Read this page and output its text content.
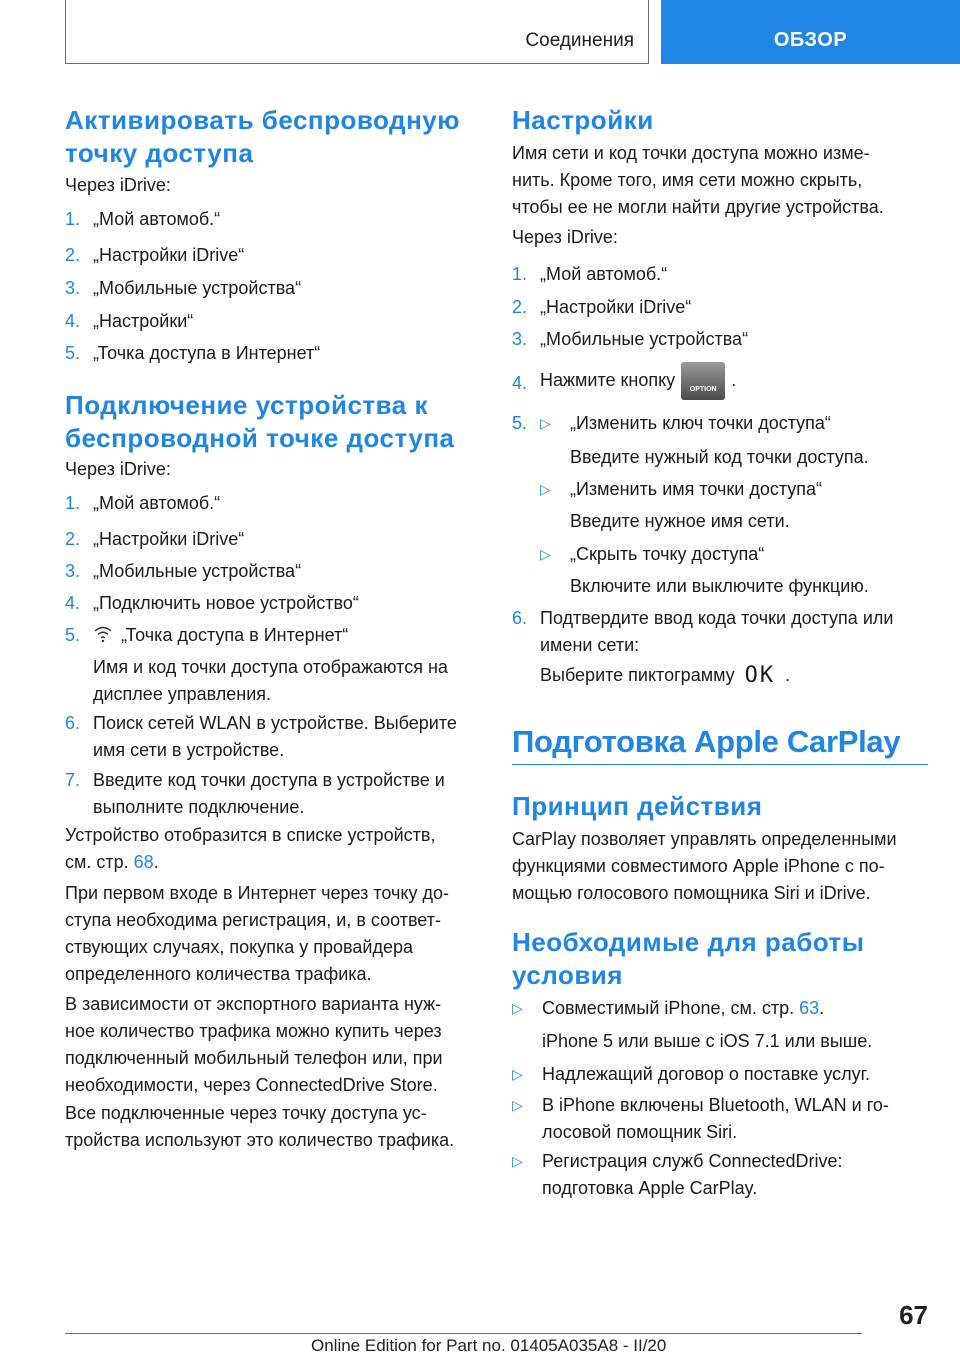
Соединения	ОБЗОР
Активировать беспроводную
точку доступа

Через iDrive:

1. „Мой автомоб.“
2. „Настройки iDrive“
3. „Мобильные устройства“
4. „Настройки“
5. „Точка доступа в Интернет“
Подключение устройства к
беспроводной точке доступа

Через iDrive:

1. „Мой автомоб.“
2. „Настройки iDrive“
3. „Мобильные устройства“
4. „Подключить новое устройство“
5.	„Точка доступа в Интернет“

Имя и код точки доступа отображаются на
дисплее управления.

6. Поиск сетей WLAN в устройстве. Выберите
имя сети в устройстве.
7. Введите код точки доступа в устройстве и
выполните подключение.

Устройство отобразится в списке устройств,
см. стр. 68.

При первом входе в Интернет через точку до-
ступа необходима регистрация, и, в соответ-
ствующих случаях, покупка у провайдера
определенного количества трафика.

В зависимости от экспортного варианта нуж-
ное количество трафика можно купить через
подключенный мобильный телефон или, при
необходимости, через ConnectedDrive Store.

Все подключенные через точку доступа ус-
тройства используют это количество трафика.

Настройки

Имя сети и код точки доступа можно изме-
нить. Кроме того, имя сети можно скрыть,
чтобы ее не могли найти другие устройства.

Через iDrive:

1. „Мой автомоб.“
2. „Настройки iDrive“
3. „Мобильные устройства“
4. Нажмите кнопку	OPTION .
5. ▷	„Изменить ключ точки доступа“

Введите нужный код точки доступа.

▷	„Изменить имя точки доступа“

Введите нужное имя сети.

▷	„Скрыть точку доступа“

Включите или выключите функцию.

6. Подтвердите ввод кода точки доступа или
имени сети:

Выберите пиктограмму OK .

Подготовка Apple CarPlay
Принцип действия

CarPlay позволяет управлять определенными
функциями совместимого Apple iPhone с по-
мощью голосового помощника Siri и iDrive.

Необходимые для работы
условия
▷	Совместимый iPhone, см. стр. 63.

iPhone 5 или выше с iOS 7.1 или выше.

▷	Надлежащий договор о поставке услуг.
▷	В iPhone включены Bluetooth, WLAN и го-
лосовой помощник Siri.
▷	Регистрация служб ConnectedDrive:
подготовка Apple CarPlay.
67
Online Edition for Part no. 01405A035A8 - II/20
